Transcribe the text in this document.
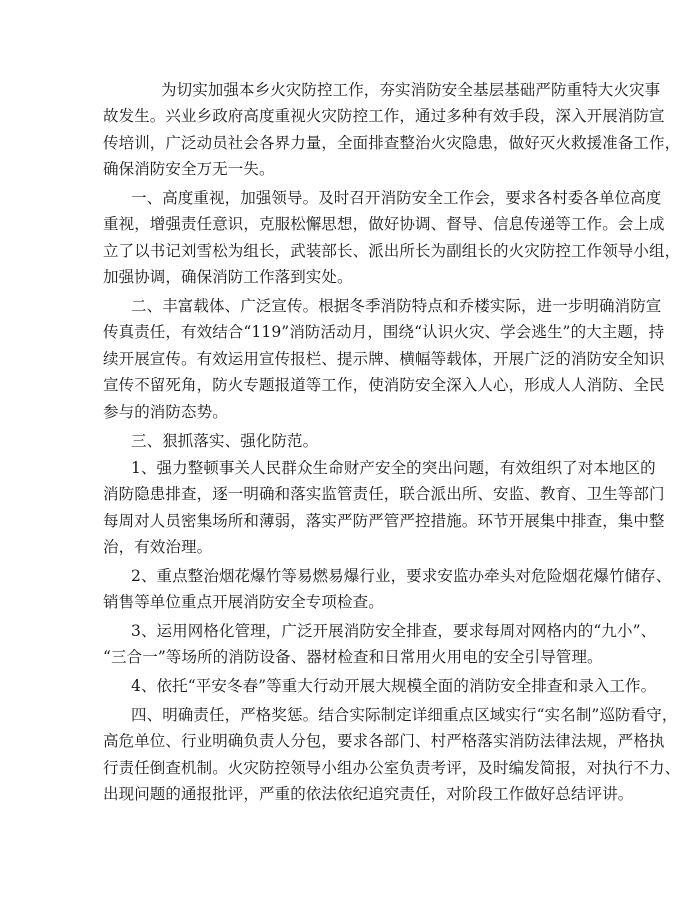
为切实加强本乡火灾防控工作，夯实消防安全基层基础严防重特大火灾事
故发生。兴业乡政府高度重视火灾防控工作，通过多种有效手段，深入开展消防宣
传培训，广泛动员社会各界力量，全面排查整治火灾隐患，做好灭火救援准备工作，
确保消防安全万无一失。
一、高度重视，加强领导。及时召开消防安全工作会，要求各村委各单位高度
重视，增强责任意识，克服松懈思想，做好协调、督导、信息传递等工作。会上成
立了以书记刘雪松为组长，武装部长、派出所长为副组长的火灾防控工作领导小组，
加强协调，确保消防工作落到实处。
二、丰富载体、广泛宣传。根据冬季消防特点和乔楼实际，进一步明确消防宣
传真责任，有效结合“119”消防活动月，围绕“认识火灾、学会逃生”的大主题，持
续开展宣传。有效运用宣传报栏、提示牌、横幅等载体，开展广泛的消防安全知识
宣传不留死角，防火专题报道等工作，使消防安全深入人心，形成人人消防、全民
参与的消防态势。
三、狠抓落实、强化防范。
1、强力整顿事关人民群众生命财产安全的突出问题，有效组织了对本地区的
消防隐患排查，逐一明确和落实监管责任，联合派出所、安监、教育、卫生等部门
每周对人员密集场所和薄弱，落实严防严管严控措施。环节开展集中排查，集中整
治，有效治理。
2、重点整治烟花爆竹等易燃易爆行业，要求安监办牵头对危险烟花爆竹储存、
销售等单位重点开展消防安全专项检查。
3、运用网格化管理，广泛开展消防安全排查，要求每周对网格内的“九小”、
“三合一”等场所的消防设备、器材检查和日常用火用电的安全引导管理。
4、依托“平安冬春”等重大行动开展大规模全面的消防安全排查和录入工作。
四、明确责任，严格奖惩。结合实际制定详细重点区域实行“实名制”巡防看守，
高危单位、行业明确负责人分包，要求各部门、村严格落实消防法律法规，严格执
行责任倒查机制。火灾防控领导小组办公室负责考评，及时编发简报，对执行不力、
出现问题的通报批评，严重的依法依纪追究责任，对阶段工作做好总结评讲。
